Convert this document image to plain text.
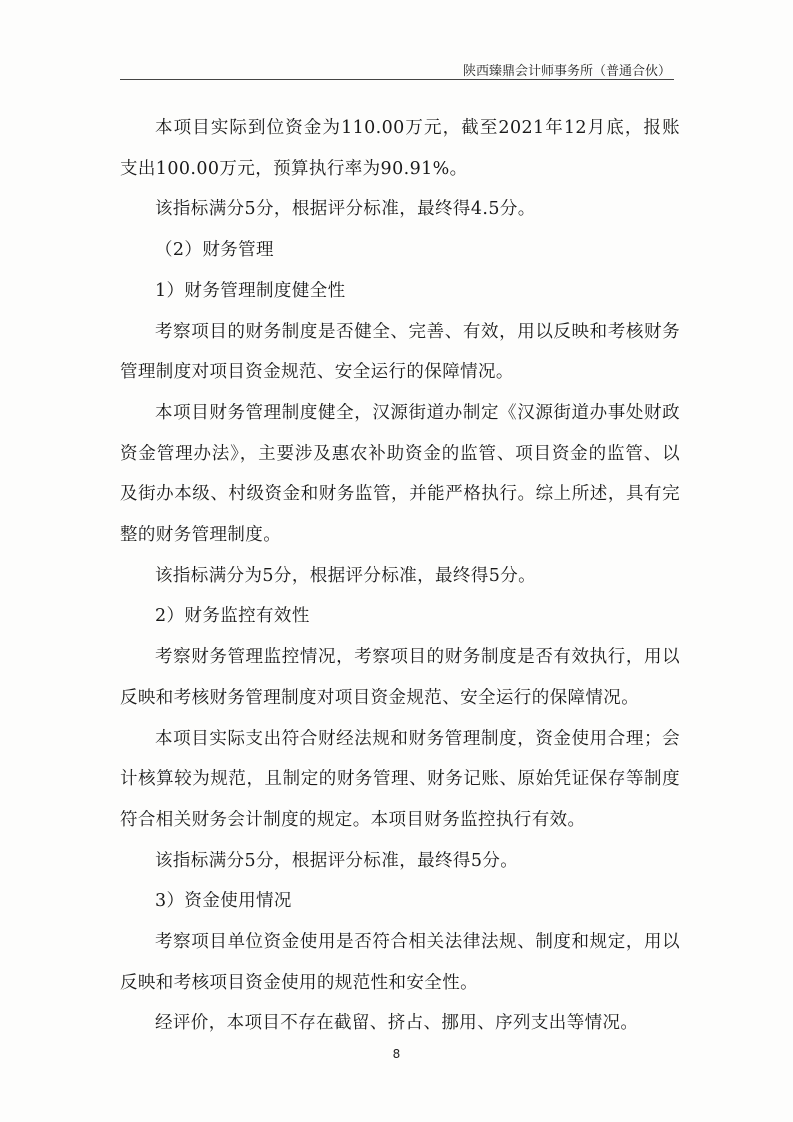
陕西臻鼎会计师事务所（普通合伙）

本项目实际到位资金为110.00万元，截至2021年12月底，报账支出100.00万元，预算执行率为90.91%。

该指标满分5分，根据评分标准，最终得4.5分。

（2）财务管理

1）财务管理制度健全性

考察项目的财务制度是否健全、完善、有效，用以反映和考核财务管理制度对项目资金规范、安全运行的保障情况。

本项目财务管理制度健全，汉源街道办制定《汉源街道办事处财政资金管理办法》，主要涉及惠农补助资金的监管、项目资金的监管、以及街办本级、村级资金和财务监管，并能严格执行。综上所述，具有完整的财务管理制度。

该指标满分为5分，根据评分标准，最终得5分。

2）财务监控有效性

考察财务管理监控情况，考察项目的财务制度是否有效执行，用以反映和考核财务管理制度对项目资金规范、安全运行的保障情况。

本项目实际支出符合财经法规和财务管理制度，资金使用合理；会计核算较为规范，且制定的财务管理、财务记账、原始凭证保存等制度符合相关财务会计制度的规定。本项目财务监控执行有效。

该指标满分5分，根据评分标准，最终得5分。

3）资金使用情况

考察项目单位资金使用是否符合相关法律法规、制度和规定，用以反映和考核项目资金使用的规范性和安全性。

经评价，本项目不存在截留、挤占、挪用、序列支出等情况。

8
